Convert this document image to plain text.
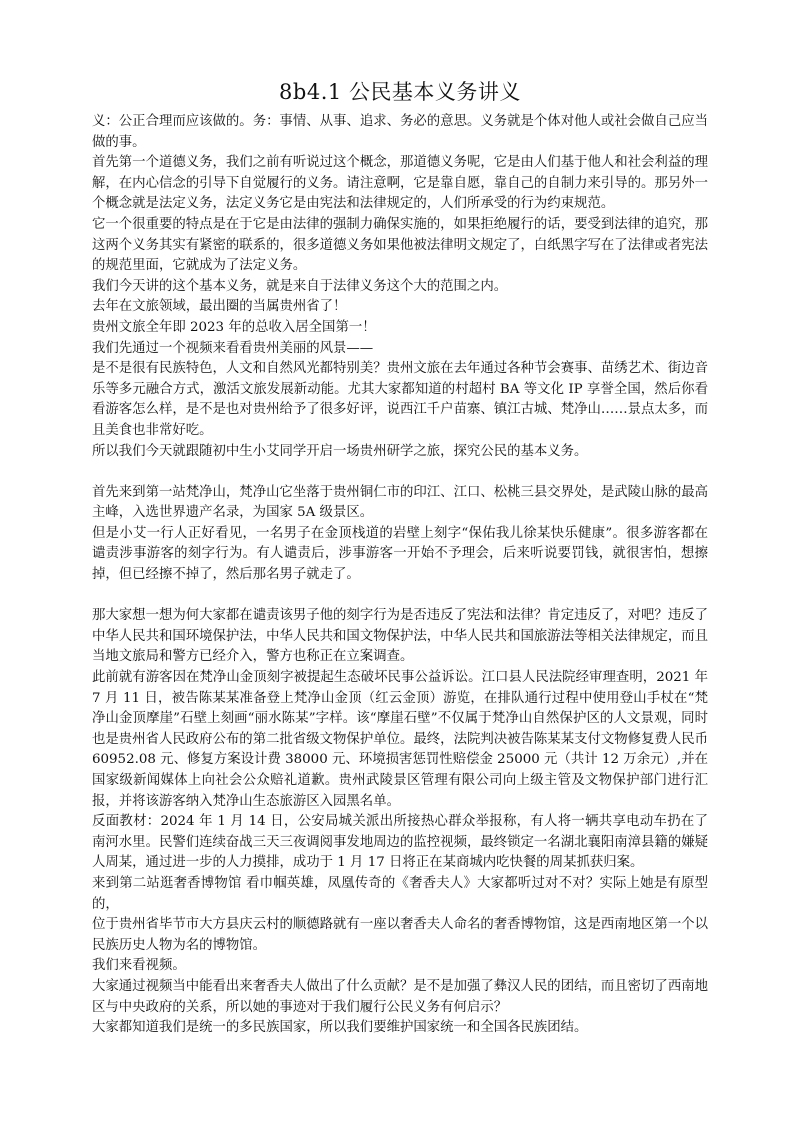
8b4.1 公民基本义务讲义

义：公正合理而应该做的。务：事情、从事、追求、务必的意思。义务就是个体对他人或社会做自己应当做的事。

首先第一个道德义务，我们之前有听说过这个概念，那道德义务呢，它是由人们基于他人和社会利益的理解，在内心信念的引导下自觉履行的义务。请注意啊，它是靠自愿，靠自己的自制力来引导的。那另外一个概念就是法定义务，法定义务它是由宪法和法律规定的，人们所承受的行为约束规范。

它一个很重要的特点是在于它是由法律的强制力确保实施的，如果拒绝履行的话，要受到法律的追究，那这两个义务其实有紧密的联系的，很多道德义务如果他被法律明文规定了，白纸黑字写在了法律或者宪法的规范里面，它就成为了法定义务。

我们今天讲的这个基本义务，就是来自于法律义务这个大的范围之内。

去年在文旅领域，最出圈的当属贵州省了！

贵州文旅全年即 2023 年的总收入居全国第一！

我们先通过一个视频来看看贵州美丽的风景——

是不是很有民族特色，人文和自然风光都特别美？贵州文旅在去年通过各种节会赛事、苗绣艺术、街边音乐等多元融合方式，激活文旅发展新动能。尤其大家都知道的村超村 BA 等文化 IP 享誉全国，然后你看看游客怎么样，是不是也对贵州给予了很多好评，说西江千户苗寨、镇江古城、梵净山……景点太多，而且美食也非常好吃。

所以我们今天就跟随初中生小艾同学开启一场贵州研学之旅，探究公民的基本义务。

首先来到第一站梵净山，梵净山它坐落于贵州铜仁市的印江、江口、松桃三县交界处，是武陵山脉的最高主峰，入选世界遗产名录，为国家 5A 级景区。

但是小艾一行人正好看见，一名男子在金顶栈道的岩壁上刻字“保佑我儿徐某快乐健康”。很多游客都在谴责涉事游客的刻字行为。有人谴责后，涉事游客一开始不予理会，后来听说要罚钱，就很害怕，想擦掉，但已经擦不掉了，然后那名男子就走了。

那大家想一想为何大家都在谴责该男子他的刻字行为是否违反了宪法和法律？肯定违反了，对吧？违反了中华人民共和国环境保护法，中华人民共和国文物保护法，中华人民共和国旅游法等相关法律规定，而且当地文旅局和警方已经介入，警方也称正在立案调查。

此前就有游客因在梵净山金顶刻字被提起生态破坏民事公益诉讼。江口县人民法院经审理查明，2021 年 7 月 11 日，被告陈某某准备登上梵净山金顶（红云金顶）游览，在排队通行过程中使用登山手杖在“梵净山金顶摩崖”石壁上刻画“丽水陈某”字样。该“摩崖石壁”不仅属于梵净山自然保护区的人文景观，同时也是贵州省人民政府公布的第二批省级文物保护单位。最终，法院判决被告陈某某支付文物修复费人民币 60952.08 元、修复方案设计费 38000 元、环境损害惩罚性赔偿金 25000 元（共计 12 万余元）,并在国家级新闻媒体上向社会公众赔礼道歉。贵州武陵景区管理有限公司向上级主管及文物保护部门进行汇报，并将该游客纳入梵净山生态旅游区入园黑名单。

反面教材：2024 年 1 月 14 日，公安局城关派出所接热心群众举报称，有人将一辆共享电动车扔在了南河水里。民警们连续奋战三天三夜调阅事发地周边的监控视频，最终锁定一名湖北襄阳南漳县籍的嫌疑人周某，通过进一步的人力摸排，成功于 1 月 17 日将正在某商城内吃快餐的周某抓获归案。

来到第二站逛奢香博物馆 看巾帼英雄，凤凰传奇的《奢香夫人》大家都听过对不对？实际上她是有原型的，

位于贵州省毕节市大方县庆云村的顺德路就有一座以奢香夫人命名的奢香博物馆，这是西南地区第一个以民族历史人物为名的博物馆。

我们来看视频。

大家通过视频当中能看出来奢香夫人做出了什么贡献？是不是加强了彝汉人民的团结，而且密切了西南地区与中央政府的关系，所以她的事迹对于我们履行公民义务有何启示？

大家都知道我们是统一的多民族国家，所以我们要维护国家统一和全国各民族团结。
